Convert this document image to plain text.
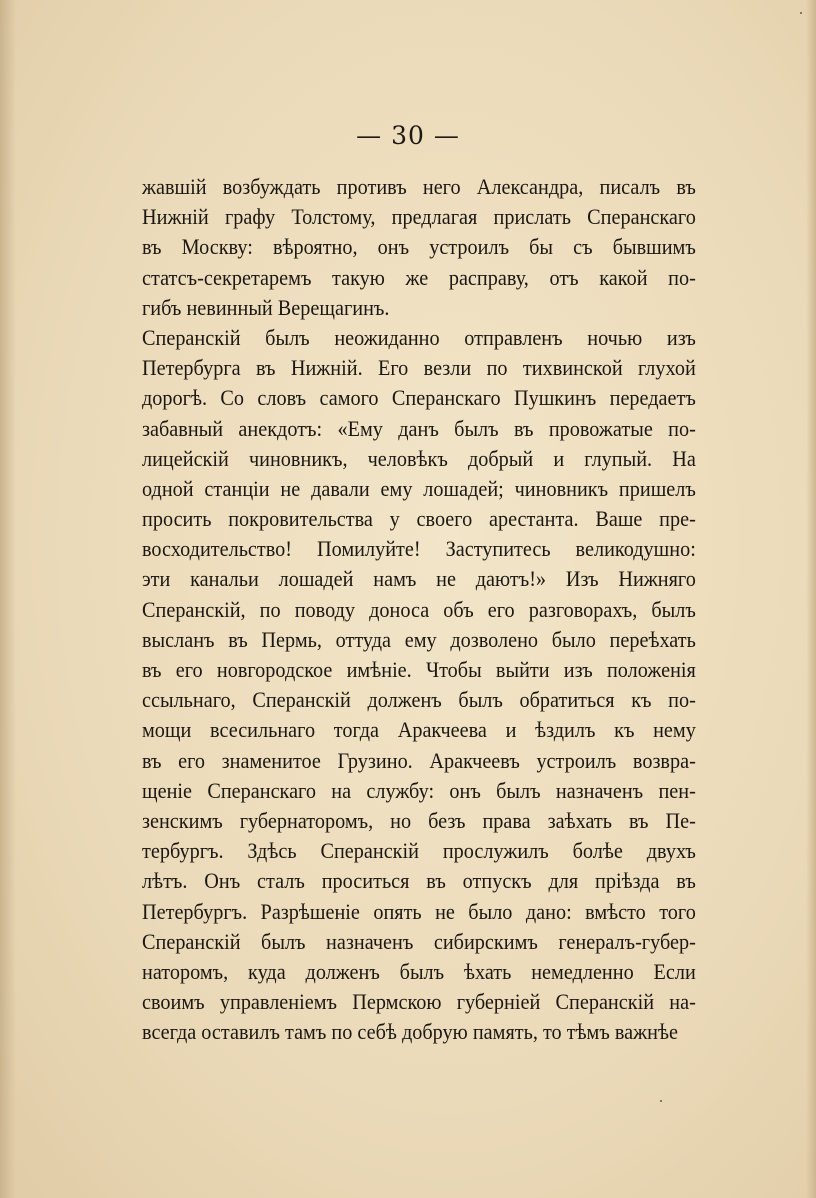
— 30 —
жавшій возбуждать противъ него Александра, писалъ въ
Нижній графу Толстому, предлагая прислать Сперанскаго
въ Москву: вѣроятно, онъ устроилъ бы съ бывшимъ
статсъ-секретаремъ такую же расправу, отъ какой по-
гибъ невинный Верещагинъ.
Сперанскій былъ неожиданно отправленъ ночью изъ
Петербурга въ Нижній. Его везли по тихвинской глухой
дорогѣ. Со словъ самого Сперанскаго Пушкинъ передаетъ
забавный анекдотъ: «Ему данъ былъ въ провожатые по-
лицейскій чиновникъ, человѣкъ добрый и глупый. На
одной станціи не давали ему лошадей; чиновникъ пришелъ
просить покровительства у своего арестанта. Ваше пре-
восходительство! Помилуйте! Заступитесь великодушно:
эти канальи лошадей намъ не даютъ!» Изъ Нижняго
Сперанскій, по поводу доноса объ его разговорахъ, былъ
высланъ въ Пермь, оттуда ему дозволено было переѣхать
въ его новгородское имѣніе. Чтобы выйти изъ положенія
ссыльнаго, Сперанскій долженъ былъ обратиться къ по-
мощи всесильнаго тогда Аракчеева и ѣздилъ къ нему
въ его знаменитое Грузино. Аракчеевъ устроилъ возвра-
щеніе Сперанскаго на службу: онъ былъ назначенъ пен-
зенскимъ губернаторомъ, но безъ права заѣхать въ Пе-
тербургъ. Здѣсь Сперанскій прослужилъ болѣе двухъ
лѣтъ. Онъ сталъ проситься въ отпускъ для пріѣзда въ
Петербургъ. Разрѣшеніе опять не было дано: вмѣсто того
Сперанскій былъ назначенъ сибирскимъ генералъ-губер-
наторомъ, куда долженъ былъ ѣхать немедленно Если
своимъ управленіемъ Пермскою губерніей Сперанскій на-
всегда оставилъ тамъ по себѣ добрую память, то тѣмъ важнѣе
